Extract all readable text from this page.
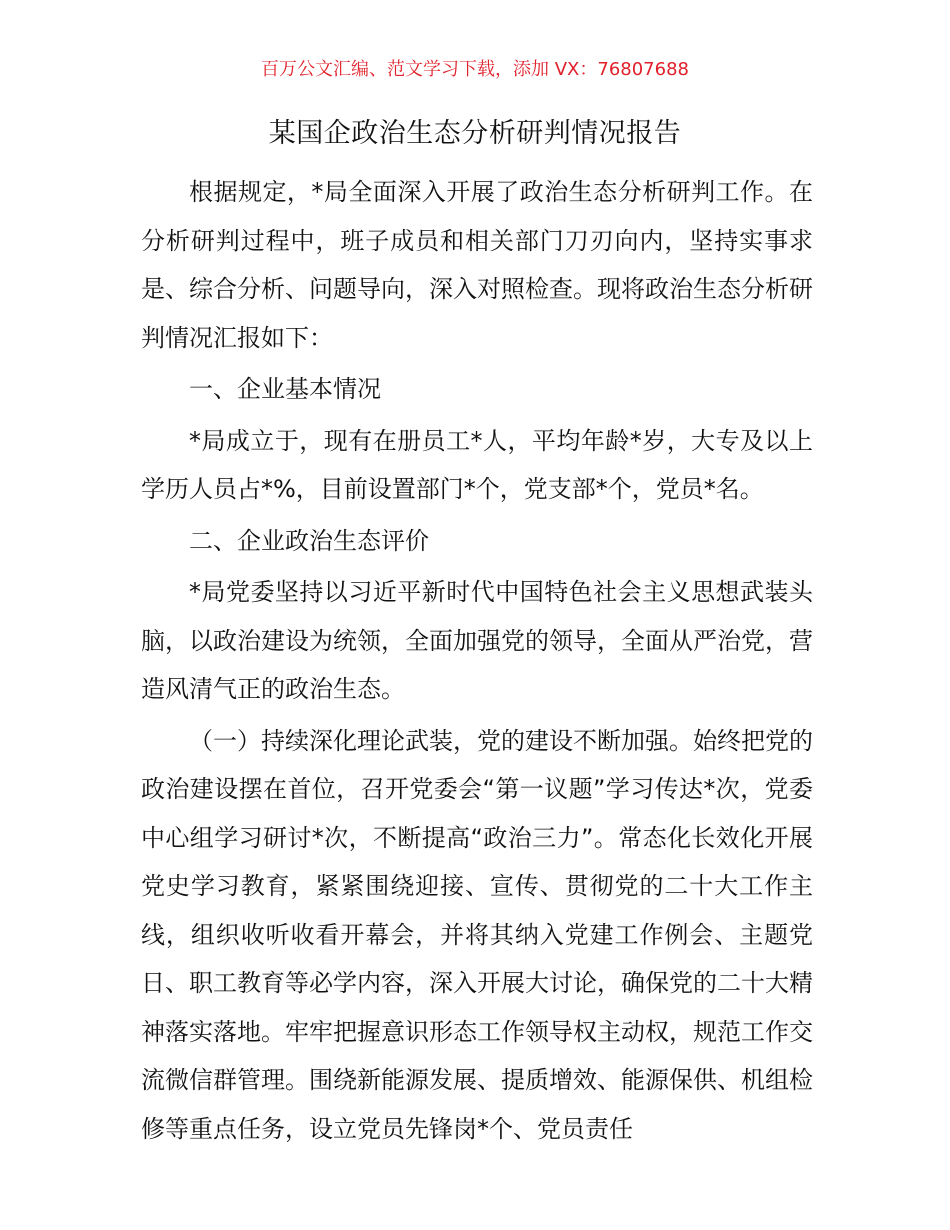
百万公文汇编、范文学习下载，添加 VX：76807688
某国企政治生态分析研判情况报告

根据规定，*局全面深入开展了政治生态分析研判工作。在分析研判过程中，班子成员和相关部门刀刃向内，坚持实事求是、综合分析、问题导向，深入对照检查。现将政治生态分析研判情况汇报如下：

一、企业基本情况

*局成立于，现有在册员工*人，平均年龄*岁，大专及以上学历人员占*%，目前设置部门*个，党支部*个，党员*名。

二、企业政治生态评价

*局党委坚持以习近平新时代中国特色社会主义思想武装头脑，以政治建设为统领，全面加强党的领导，全面从严治党，营造风清气正的政治生态。

（一）持续深化理论武装，党的建设不断加强。始终把党的政治建设摆在首位，召开党委会“第一议题”学习传达*次，党委中心组学习研讨*次，不断提高“政治三力”。常态化长效化开展党史学习教育，紧紧围绕迎接、宣传、贯彻党的二十大工作主线，组织收听收看开幕会，并将其纳入党建工作例会、主题党日、职工教育等必学内容，深入开展大讨论，确保党的二十大精神落实落地。牢牢把握意识形态工作领导权主动权，规范工作交流微信群管理。围绕新能源发展、提质增效、能源保供、机组检修等重点任务，设立党员先锋岗*个、党员责任
